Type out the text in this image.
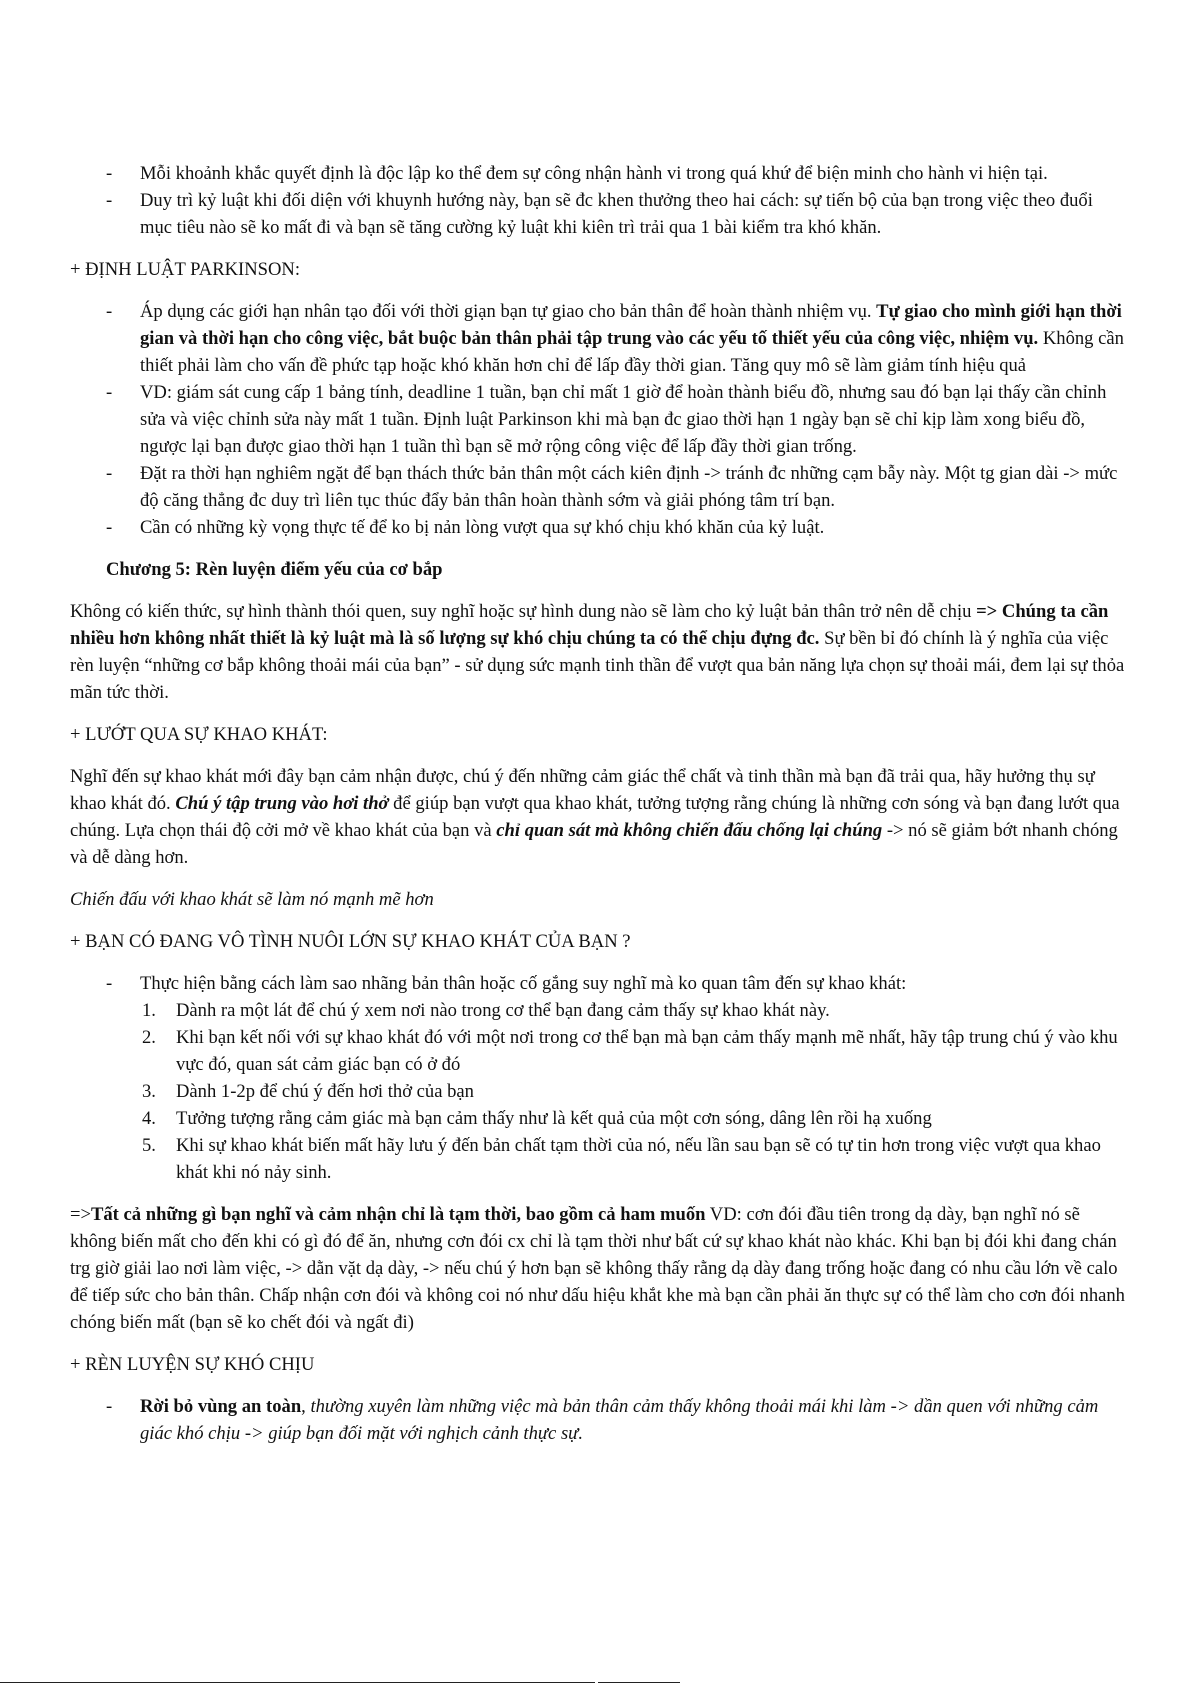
- Mỗi khoảnh khắc quyết định là độc lập ko thể đem sự công nhận hành vi trong quá khứ để biện minh cho hành vi hiện tại.

- Duy trì kỷ luật khi đối diện với khuynh hướng này, bạn sẽ đc khen thưởng theo hai cách: sự tiến bộ của bạn trong việc theo đuổi mục tiêu nào sẽ ko mất đi và bạn sẽ tăng cường kỷ luật khi kiên trì trải qua 1 bài kiểm tra khó khăn.

+ ĐỊNH LUẬT PARKINSON:

- Áp dụng các giới hạn nhân tạo đối với thời giạn bạn tự giao cho bản thân để hoàn thành nhiệm vụ. Tự giao cho mình giới hạn thời gian và thời hạn cho công việc, bắt buộc bản thân phải tập trung vào các yếu tố thiết yếu của công việc, nhiệm vụ. Không cần thiết phải làm cho vấn đề phức tạp hoặc khó khăn hơn chỉ để lấp đầy thời gian. Tăng quy mô sẽ làm giảm tính hiệu quả

- VD: giám sát cung cấp 1 bảng tính, deadline 1 tuần, bạn chỉ mất 1 giờ để hoàn thành biểu đồ, nhưng sau đó bạn lại thấy cần chỉnh sửa và việc chỉnh sửa này mất 1 tuần. Định luật Parkinson khi mà bạn đc giao thời hạn 1 ngày bạn sẽ chỉ kịp làm xong biểu đồ, ngược lại bạn được giao thời hạn 1 tuần thì bạn sẽ mở rộng công việc để lấp đầy thời gian trống.

- Đặt ra thời hạn nghiêm ngặt để bạn thách thức bản thân một cách kiên định -> tránh đc những cạm bẫy này. Một tg gian dài -> mức độ căng thẳng đc duy trì liên tục thúc đẩy bản thân hoàn thành sớm và giải phóng tâm trí bạn.

- Cần có những kỳ vọng thực tế để ko bị nản lòng vượt qua sự khó chịu khó khăn của kỷ luật.

Chương 5: Rèn luyện điểm yếu của cơ bắp

Không có kiến thức, sự hình thành thói quen, suy nghĩ hoặc sự hình dung nào sẽ làm cho kỷ luật bản thân trở nên dễ chịu => Chúng ta cần nhiều hơn không nhất thiết là kỷ luật mà là số lượng sự khó chịu chúng ta có thể chịu đựng đc. Sự bền bỉ đó chính là ý nghĩa của việc rèn luyện “những cơ bắp không thoải mái của bạn” - sử dụng sức mạnh tinh thần để vượt qua bản năng lựa chọn sự thoải mái, đem lại sự thỏa mãn tức thời.

+ LƯỚT QUA SỰ KHAO KHÁT:

Nghĩ đến sự khao khát mới đây bạn cảm nhận được, chú ý đến những cảm giác thể chất và tinh thần mà bạn đã trải qua, hãy hưởng thụ sự khao khát đó. Chú ý tập trung vào hơi thở để giúp bạn vượt qua khao khát, tưởng tượng rằng chúng là những cơn sóng và bạn đang lướt qua chúng. Lựa chọn thái độ cởi mở về khao khát của bạn và chỉ quan sát mà không chiến đấu chống lại chúng -> nó sẽ giảm bớt nhanh chóng và dễ dàng hơn.

Chiến đấu với khao khát sẽ làm nó mạnh mẽ hơn

+ BẠN CÓ ĐANG VÔ TÌNH NUÔI LỚN SỰ KHAO KHÁT CỦA BẠN ?

- Thực hiện bằng cách làm sao nhãng bản thân hoặc cố gắng suy nghĩ mà ko quan tâm đến sự khao khát:

1. Dành ra một lát để chú ý xem nơi nào trong cơ thể bạn đang cảm thấy sự khao khát này.

2. Khi bạn kết nối với sự khao khát đó với một nơi trong cơ thể bạn mà bạn cảm thấy mạnh mẽ nhất, hãy tập trung chú ý vào khu vực đó, quan sát cảm giác bạn có ở đó

3. Dành 1-2p để chú ý đến hơi thở của bạn

4. Tưởng tượng rằng cảm giác mà bạn cảm thấy như là kết quả của một cơn sóng, dâng lên rồi hạ xuống

5. Khi sự khao khát biến mất hãy lưu ý đến bản chất tạm thời của nó, nếu lần sau bạn sẽ có tự tin hơn trong việc vượt qua khao khát khi nó nảy sinh.

=>Tất cả những gì bạn nghĩ và cảm nhận chỉ là tạm thời, bao gồm cả ham muốn VD: cơn đói đầu tiên trong dạ dày, bạn nghĩ nó sẽ không biến mất cho đến khi có gì đó để ăn, nhưng cơn đói cx chỉ là tạm thời như bất cứ sự khao khát nào khác. Khi bạn bị đói khi đang chán trg giờ giải lao nơi làm việc, -> dằn vặt dạ dày, -> nếu chú ý hơn bạn sẽ không thấy rằng dạ dày đang trống hoặc đang có nhu cầu lớn về calo để tiếp sức cho bản thân. Chấp nhận cơn đói và không coi nó như dấu hiệu khắt khe mà bạn cần phải ăn thực sự có thể làm cho cơn đói nhanh chóng biến mất (bạn sẽ ko chết đói và ngất đi)

+ RÈN LUYỆN SỰ KHÓ CHỊU

- Rời bỏ vùng an toàn, thường xuyên làm những việc mà bản thân cảm thấy không thoải mái khi làm -> dần quen với những cảm giác khó chịu -> giúp bạn đối mặt với nghịch cảnh thực sự.
